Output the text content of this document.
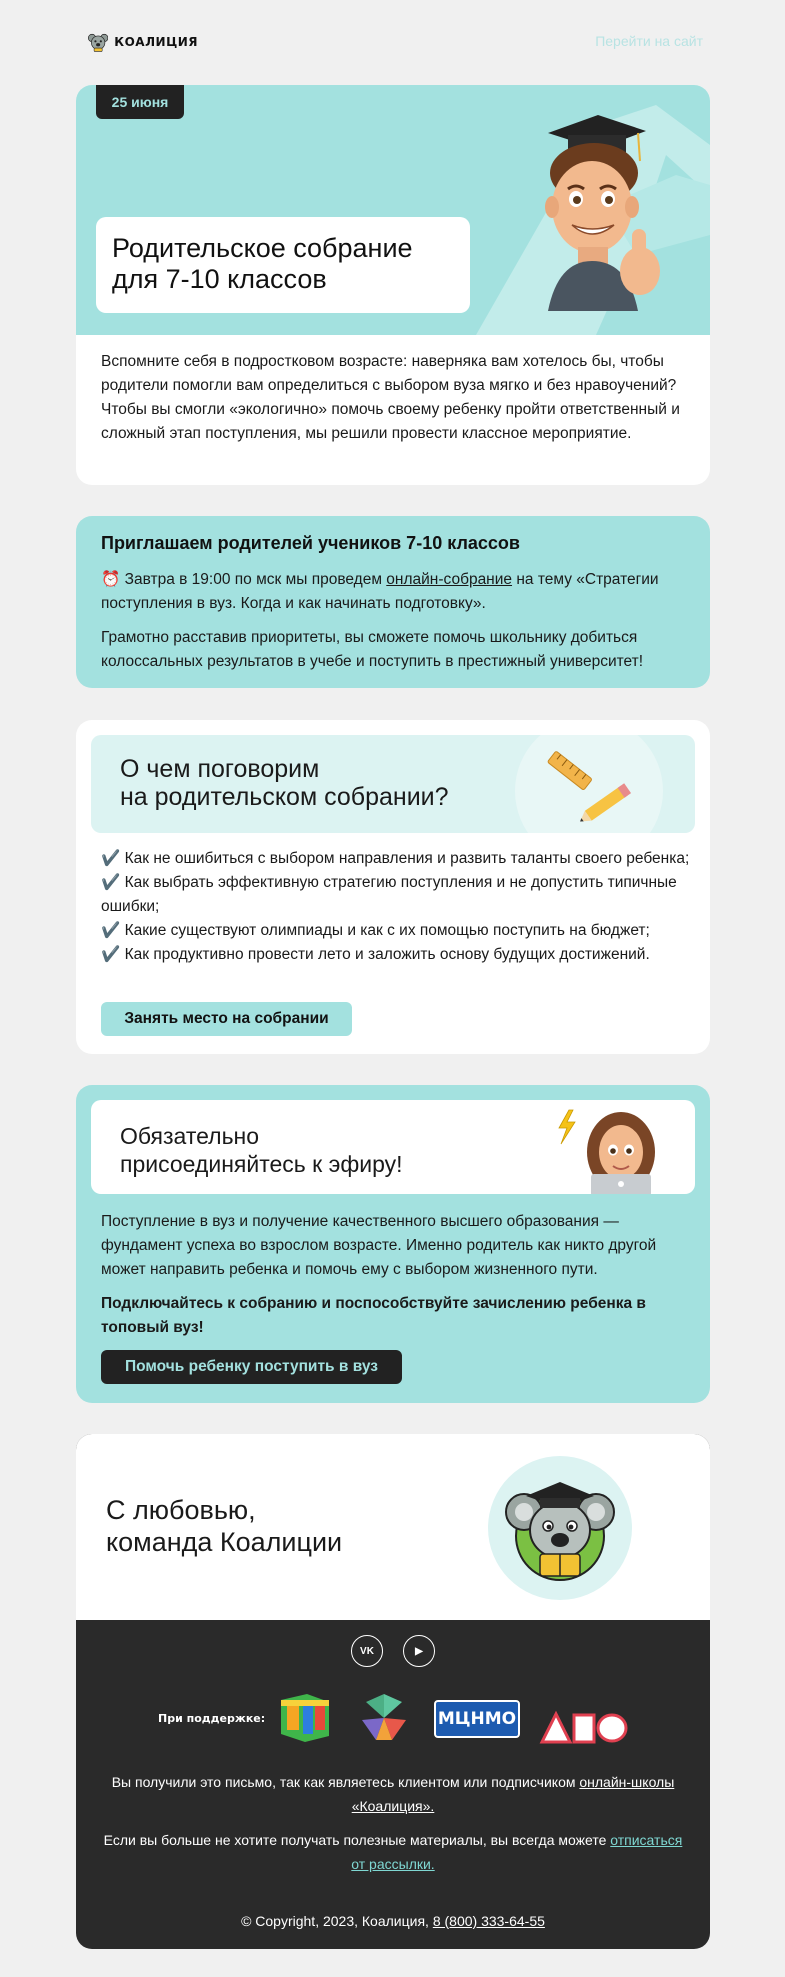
КОАЛИЦИЯ	Перейти на сайт
25 июня
Родительское собрание
для 7-10 классов

Вспомните себя в подростковом возрасте: наверняка вам хотелось бы, чтобы родители помогли вам определиться с выбором вуза мягко и без нравоучений? Чтобы вы смогли «экологично» помочь своему ребенку пройти ответственный и сложный этап поступления, мы решили провести классное мероприятие.

Приглашаем родителей учеников 7-10 классов

⏰ Завтра в 19:00 по мск мы проведем онлайн-собрание на тему «Стратегии поступления в вуз. Когда и как начинать подготовку».

Грамотно расставив приоритеты, вы сможете помочь школьнику добиться колоссальных результатов в учебе и поступить в престижный университет!

О чем поговорим
на родительском собрании?
✔️ Как не ошибиться с выбором направления и развить таланты своего ребенка;
✔️ Как выбрать эффективную стратегию поступления и не допустить типичные ошибки;
✔️ Какие существуют олимпиады и как с их помощью поступить на бюджет;
✔️ Как продуктивно провести лето и заложить основу будущих достижений.
Занять место на собрании
Обязательно
присоединяйтесь к эфиру!

Поступление в вуз и получение качественного высшего образования — фундамент успеха во взрослом возрасте. Именно родитель как никто другой может направить ребенка и помочь ему с выбором жизненного пути.

Подключайтесь к собранию и поспособствуйте зачислению ребенка в топовый вуз!

Помочь ребенку поступить в вуз
С любовью,
команда Коалиции
VK	▶
При поддержке:	МЦНМО

Вы получили это письмо, так как являетесь клиентом или подписчиком онлайн-школы «Коалиция».

Если вы больше не хотите получать полезные материалы, вы всегда можете отписаться от рассылки.

© Copyright, 2023, Коалиция, 8 (800) 333-64-55
